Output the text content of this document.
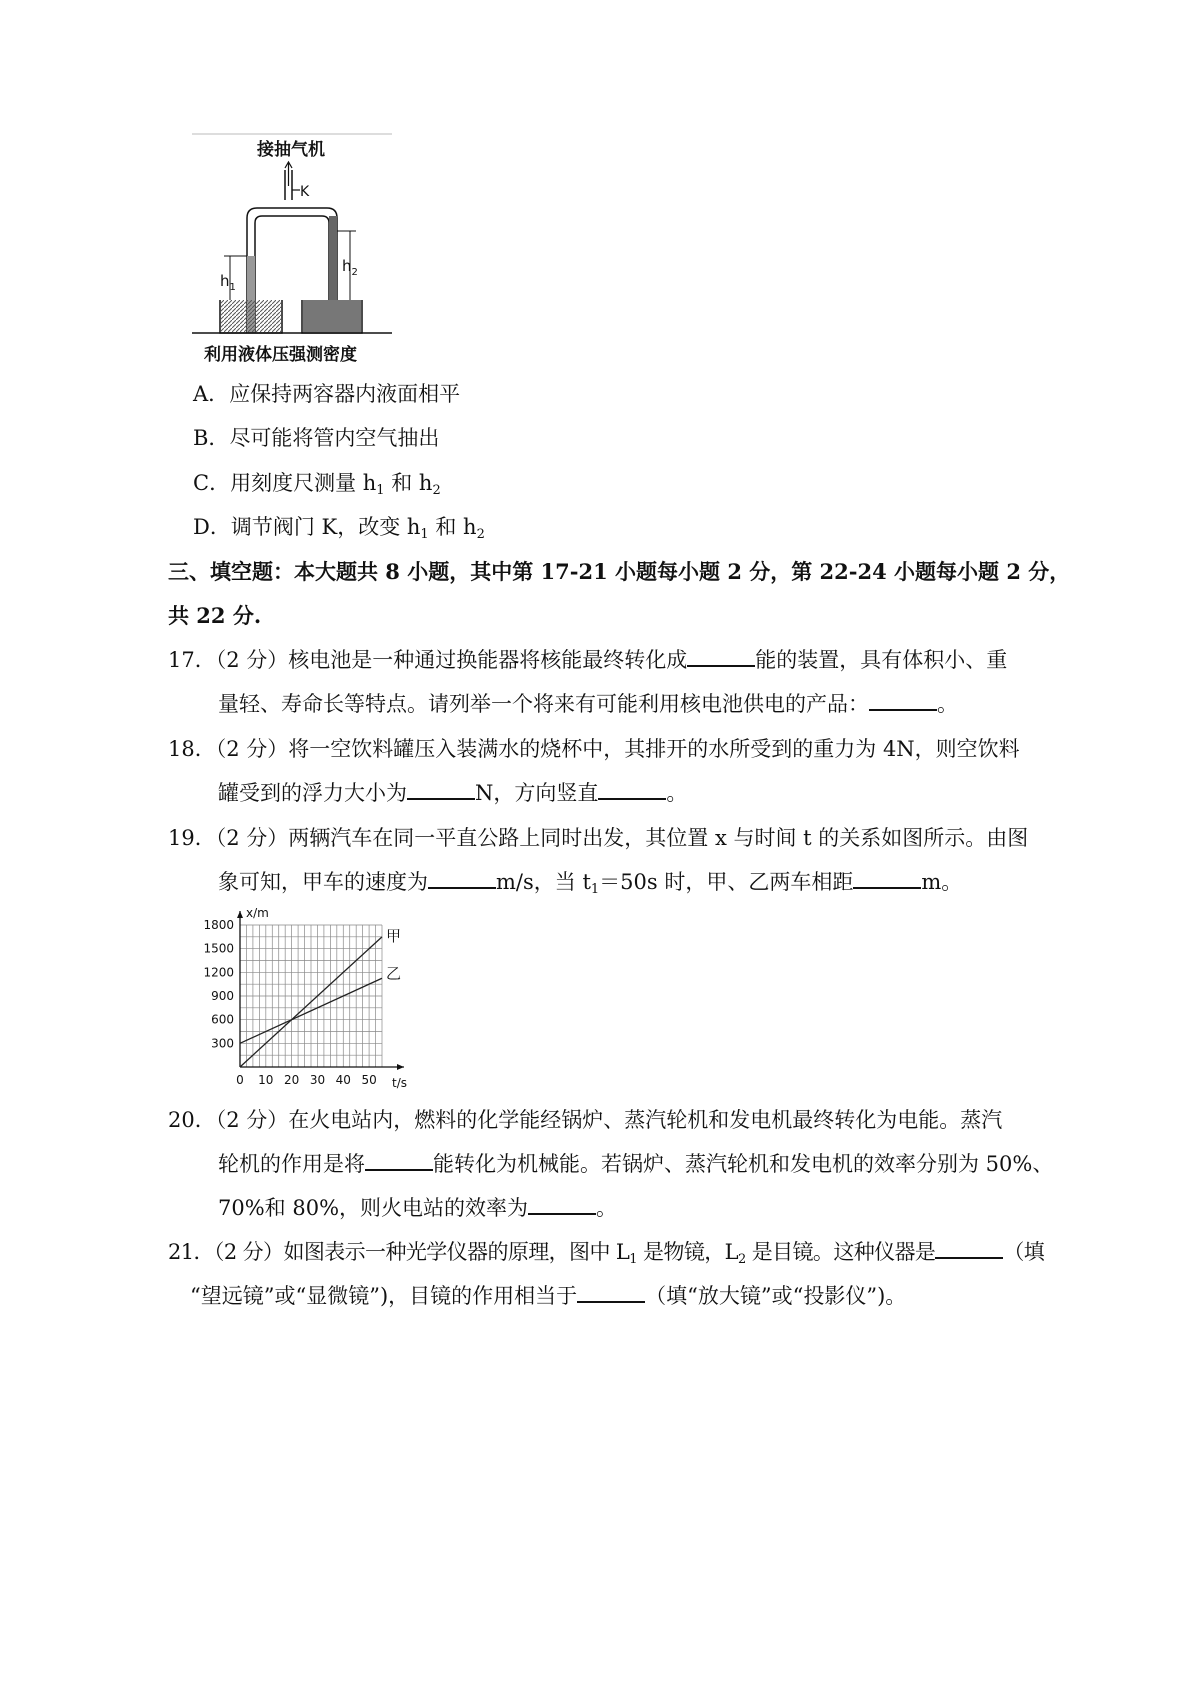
接抽气机
K
$h_1$
$h_2$
利用液体压强测密度
A．应保持两容器内液面相平
B．尽可能将管内空气抽出
C．用刻度尺测量 $h_1$ 和 $h_2$
D．调节阀门 K，改变 $h_1$ 和 $h_2$
三、填空题：本大题共 8 小题，其中第 17-21 小题每小题 2 分，第 22-24 小题每小题 2 分，
共 22 分.
17．（2 分）核电池是一种通过换能器将核能最终转化成	能的装置，具有体积小、重
量轻、寿命长等特点。请列举一个将来有可能利用核电池供电的产品：	。
18．（2 分）将一空饮料罐压入装满水的烧杯中，其排开的水所受到的重力为 4N，则空饮料
罐受到的浮力大小为	N，方向竖直	。
19．（2 分）两辆汽车在同一平直公路上同时出发，其位置 x 与时间 t 的关系如图所示。由图
象可知，甲车的速度为	m/s，当 $t_1=50s$ 时，甲、乙两车相距	m。
x/m
t/s
0 10 20 30 40 50
300
600
900
1200
1500
1800
甲
乙
20．（2 分）在火电站内，燃料的化学能经锅炉、蒸汽轮机和发电机最终转化为电能。蒸汽
轮机的作用是将	能转化为机械能。若锅炉、蒸汽轮机和发电机的效率分别为 50%、
70%和 80%，则火电站的效率为	。
21．（2 分）如图表示一种光学仪器的原理，图中 $L_1$ 是物镜，$L_2$ 是目镜。这种仪器是	（填
“望远镜”或“显微镜”)，目镜的作用相当于	（填“放大镜”或“投影仪”)。
